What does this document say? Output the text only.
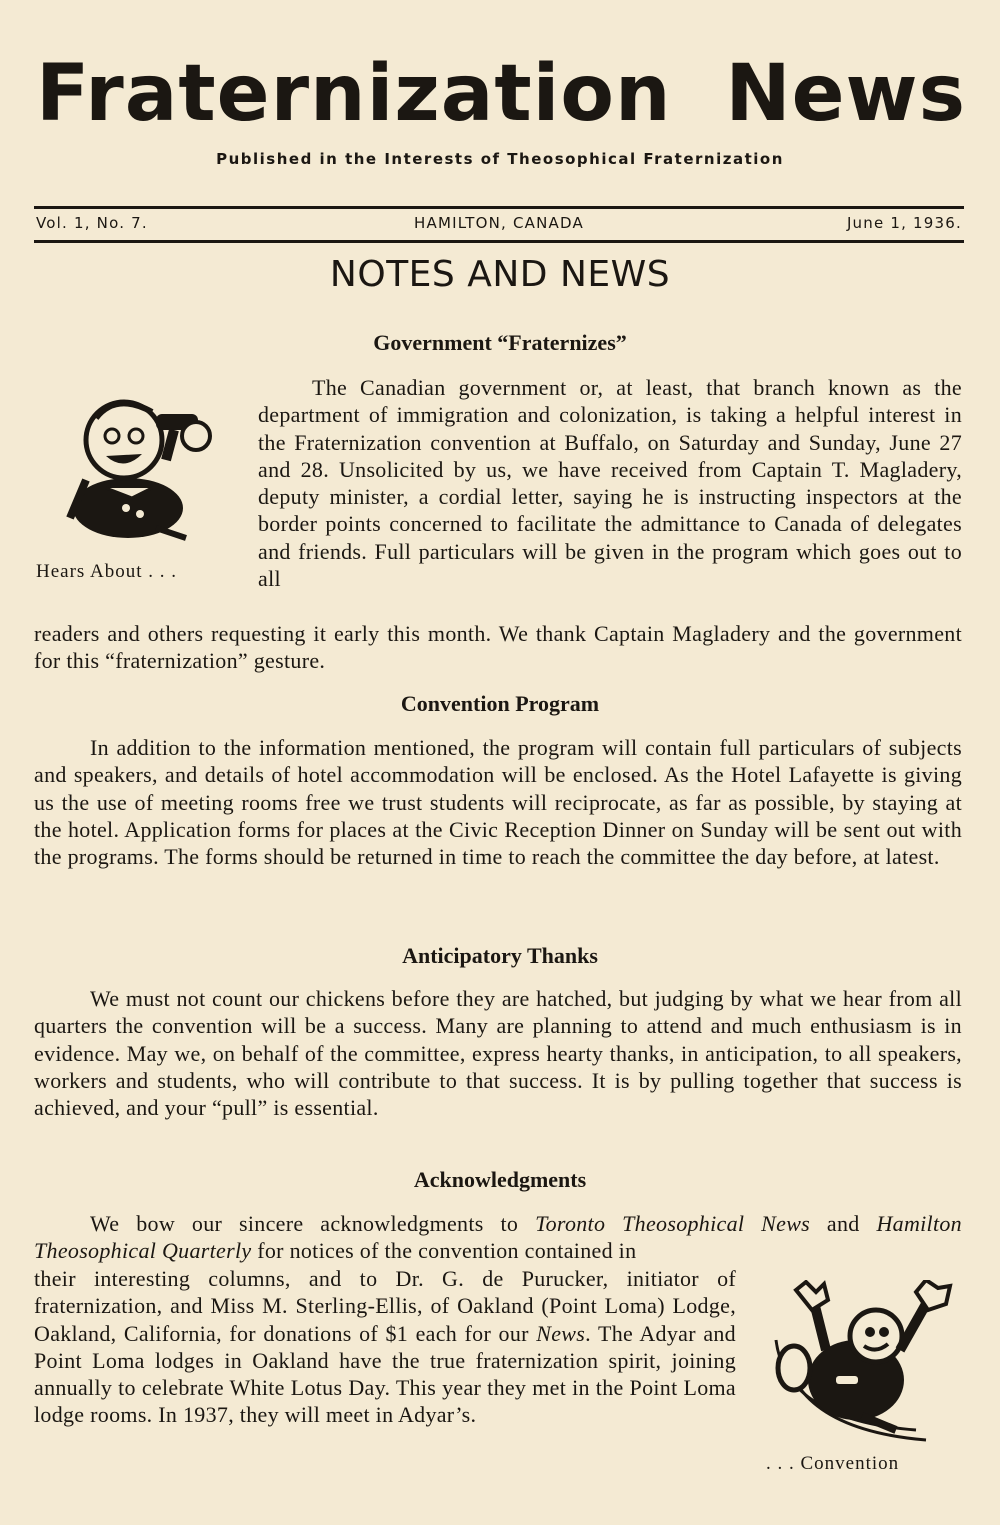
Fraternization News
Published in the Interests of Theosophical Fraternization
Vol. 1, No. 7.	HAMILTON, CANADA	June 1, 1936.
NOTES AND NEWS
Government “Fraternizes”
Hears About . . .

The Canadian government or, at least, that branch known as the department of immigration and colonization, is taking a helpful interest in the Fraternization convention at Buffalo, on Saturday and Sunday, June 27 and 28. Unsolicited by us, we have received from Captain T. Magladery, deputy minister, a cordial letter, saying he is instructing inspectors at the border points concerned to facilitate the admittance to Canada of delegates and friends. Full particulars will be given in the program which goes out to all

readers and others requesting it early this month. We thank Captain Magladery and the government for this “fraternization” gesture.

Convention Program

In addition to the information mentioned, the program will contain full particulars of subjects and speakers, and details of hotel accommodation will be enclosed. As the Hotel Lafayette is giving us the use of meeting rooms free we trust students will reciprocate, as far as possible, by staying at the hotel. Application forms for places at the Civic Reception Dinner on Sunday will be sent out with the programs. The forms should be returned in time to reach the committee the day before, at latest.

Anticipatory Thanks

We must not count our chickens before they are hatched, but judging by what we hear from all quarters the convention will be a success. Many are planning to attend and much enthusiasm is in evidence. May we, on behalf of the committee, express hearty thanks, in anticipation, to all speakers, workers and students, who will contribute to that success. It is by pulling together that success is achieved, and your “pull” is essential.

Acknowledgments

We bow our sincere acknowledgments to Toronto Theosophical News and Hamilton Theosophical Quarterly for notices of the convention contained in

their interesting columns, and to Dr. G. de Purucker, initiator of fraternization, and Miss M. Sterling-Ellis, of Oakland (Point Loma) Lodge, Oakland, California, for donations of $1 each for our News. The Adyar and Point Loma lodges in Oakland have the true fraternization spirit, joining annually to celebrate White Lotus Day. This year they met in the Point Loma lodge rooms. In 1937, they will meet in Adyar’s.

. . . Convention
